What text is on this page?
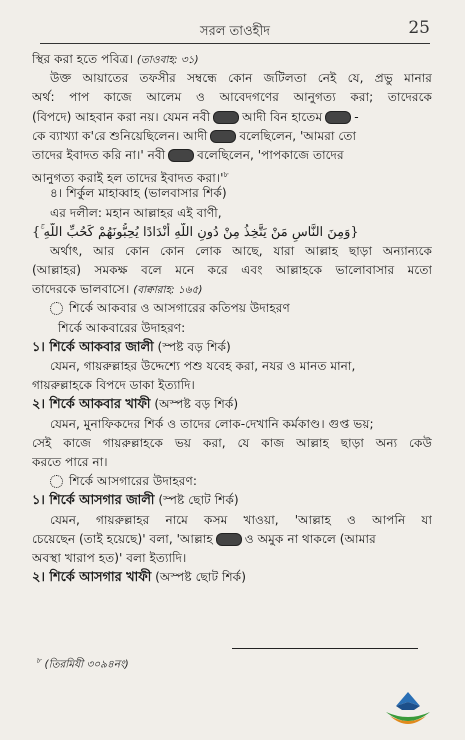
সরল তাওহীদ	25
স্থির করা হতে পবিত্র। (তাওবাহ: ৩১)
উক্ত আয়াতের তফসীর সম্বন্ধে কোন জটিলতা নেই যে, প্রভু মানার
অর্থ: পাপ কাজে আলেম ও আবেদগণের আনুগত্য করা; তাদেরকে
(বিপদে) আহবান করা নয়। যেমন নবী	আদী বিন হাতেম	-
কে ব্যাখ্যা ক'রে শুনিয়েছিলেন। আদী	বলেছিলেন, 'আমরা তো
তাদের ইবাদত করি না।' নবী	বলেছিলেন, 'পাপকাজে তাদের
আনুগত্য করাই হল তাদের ইবাদত $করা।'^৮$
৪। শির্কুল মাহাব্বাহ (ভালবাসার শির্ক)
এর দলীল: মহান আল্লাহর এই বাণী,
{وَمِنَ النَّاسِ مَنْ يَتَّخِذُ مِنْ دُونِ اللَّهِ أَنْدَادًا يُحِبُّونَهُمْ كَحُبِّ اللَّهِ ۚ}
অর্থাৎ, আর কোন কোন লোক আছে, যারা আল্লাহ ছাড়া অন্যান্যকে
(আল্লাহর) সমকক্ষ বলে মনে করে এবং আল্লাহকে ভালোবাসার মতো
তাদেরকে ভালবাসে। (বাক্বারাহ: ১৬৫)
শির্কে আকবার ও আসগারের কতিপয় উদাহরণ
শির্কে আকবারের উদাহরণ:
১। শির্কে আকবার জালী (স্পষ্ট বড় শির্ক)
যেমন, গায়রুল্লাহর উদ্দেশ্যে পশু যবেহ করা, নযর ও মানত মানা,
গায়রুল্লাহকে বিপদে ডাকা ইত্যাদি।
২। শির্কে আকবার খাফী (অস্পষ্ট বড় শির্ক)
যেমন, মুনাফিকদের শির্ক ও তাদের লোক-দেখানি কর্মকাণ্ড। গুপ্ত ভয়;
সেই কাজে গায়রুল্লাহকে ভয় করা, যে কাজ আল্লাহ ছাড়া অন্য কেউ
করতে পারে না।
শির্কে আসগারের উদাহরণ:
১। শির্কে আসগার জালী (স্পষ্ট ছোট শির্ক)
যেমন, গায়রুল্লাহর নামে কসম খাওয়া, 'আল্লাহ ও আপনি যা
চেয়েছেন (তাই হয়েছে)' বলা, 'আল্লাহ	ও অমুক না থাকলে (আমার
অবস্থা খারাপ হত)' বলা ইত্যাদি।
২। শির্কে আসগার খাফী (অস্পষ্ট ছোট শির্ক)
$^৮$ (তিরমিযী ৩০৯৪নং)
